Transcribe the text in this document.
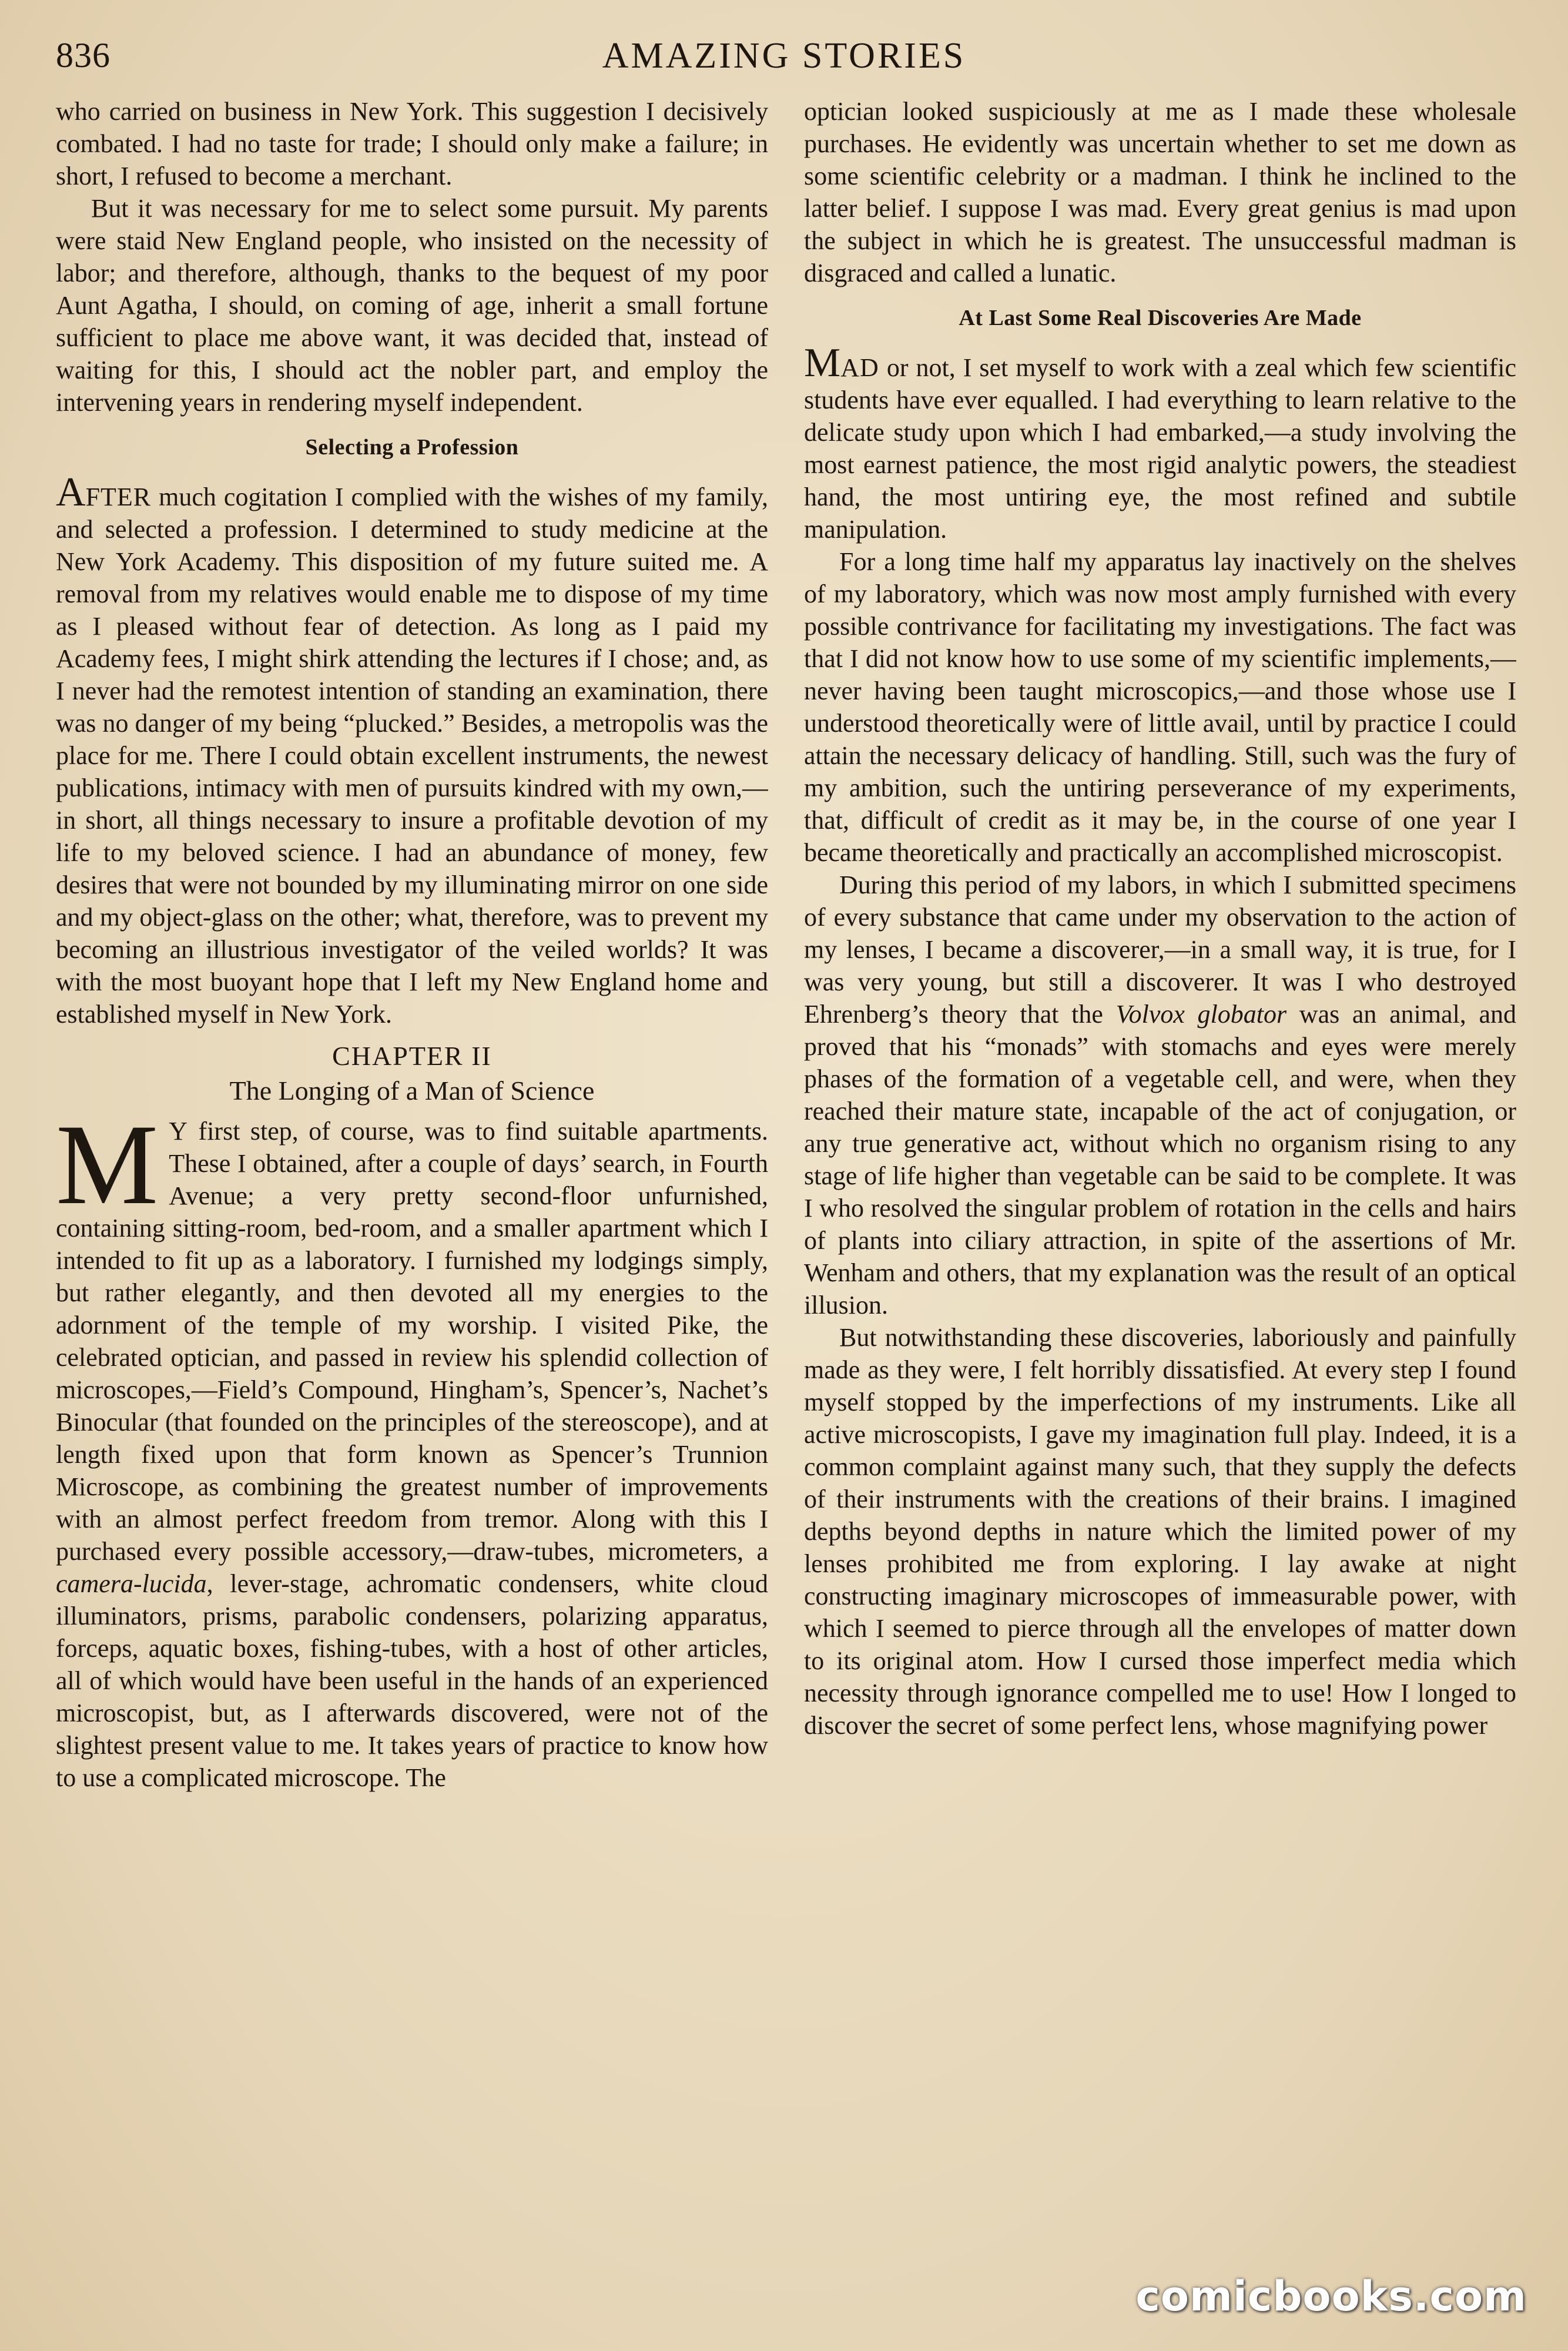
836	AMAZING STORIES

who carried on business in New York. This suggestion I decisively combated. I had no taste for trade; I should only make a failure; in short, I refused to become a merchant.

But it was necessary for me to select some pursuit. My parents were staid New England people, who insisted on the necessity of labor; and therefore, although, thanks to the bequest of my poor Aunt Agatha, I should, on coming of age, inherit a small fortune sufficient to place me above want, it was decided that, instead of waiting for this, I should act the nobler part, and employ the intervening years in rendering myself independent.

Selecting a Profession

AFTER much cogitation I complied with the wishes of my family, and selected a profession. I determined to study medicine at the New York Academy. This disposition of my future suited me. A removal from my relatives would enable me to dispose of my time as I pleased without fear of detection. As long as I paid my Academy fees, I might shirk attending the lectures if I chose; and, as I never had the remotest intention of standing an examination, there was no danger of my being “plucked.” Besides, a metropolis was the place for me. There I could obtain excellent instruments, the newest publications, intimacy with men of pursuits kindred with my own,—in short, all things necessary to insure a profitable devotion of my life to my beloved science. I had an abundance of money, few desires that were not bounded by my illuminating mirror on one side and my object-glass on the other; what, therefore, was to prevent my becoming an illustrious investigator of the veiled worlds? It was with the most buoyant hope that I left my New England home and established myself in New York.

CHAPTER II
The Longing of a Man of Science

M Y first step, of course, was to find suitable apartments. These I obtained, after a couple of days’ search, in Fourth Avenue; a very pretty second-floor unfurnished, containing sitting-room, bed-room, and a smaller apartment which I intended to fit up as a laboratory. I furnished my lodgings simply, but rather elegantly, and then devoted all my energies to the adornment of the temple of my worship. I visited Pike, the celebrated optician, and passed in review his splendid collection of microscopes,—Field’s Compound, Hingham’s, Spencer’s, Nachet’s Binocular (that founded on the principles of the stereoscope), and at length fixed upon that form known as Spencer’s Trunnion Microscope, as combining the greatest number of improvements with an almost perfect freedom from tremor. Along with this I purchased every possible accessory,—draw-tubes, micrometers, a camera-lucida, lever-stage, achromatic condensers, white cloud illuminators, prisms, parabolic condensers, polarizing apparatus, forceps, aquatic boxes, fishing-tubes, with a host of other articles, all of which would have been useful in the hands of an experienced microscopist, but, as I afterwards discovered, were not of the slightest present value to me. It takes years of practice to know how to use a complicated microscope. The

optician looked suspiciously at me as I made these wholesale purchases. He evidently was uncertain whether to set me down as some scientific celebrity or a madman. I think he inclined to the latter belief. I suppose I was mad. Every great genius is mad upon the subject in which he is greatest. The unsuccessful madman is disgraced and called a lunatic.

At Last Some Real Discoveries Are Made

MAD or not, I set myself to work with a zeal which few scientific students have ever equalled. I had everything to learn relative to the delicate study upon which I had embarked,—a study involving the most earnest patience, the most rigid analytic powers, the steadiest hand, the most untiring eye, the most refined and subtile manipulation.

For a long time half my apparatus lay inactively on the shelves of my laboratory, which was now most amply furnished with every possible contrivance for facilitating my investigations. The fact was that I did not know how to use some of my scientific implements,—never having been taught microscopics,—and those whose use I understood theoretically were of little avail, until by practice I could attain the necessary delicacy of handling. Still, such was the fury of my ambition, such the untiring perseverance of my experiments, that, difficult of credit as it may be, in the course of one year I became theoretically and practically an accomplished microscopist.

During this period of my labors, in which I submitted specimens of every substance that came under my observation to the action of my lenses, I became a discoverer,—in a small way, it is true, for I was very young, but still a discoverer. It was I who destroyed Ehrenberg’s theory that the Volvox globator was an animal, and proved that his “monads” with stomachs and eyes were merely phases of the formation of a vegetable cell, and were, when they reached their mature state, incapable of the act of conjugation, or any true generative act, without which no organism rising to any stage of life higher than vegetable can be said to be complete. It was I who resolved the singular problem of rotation in the cells and hairs of plants into ciliary attraction, in spite of the assertions of Mr. Wenham and others, that my explanation was the result of an optical illusion.

But notwithstanding these discoveries, laboriously and painfully made as they were, I felt horribly dissatisfied. At every step I found myself stopped by the imperfections of my instruments. Like all active microscopists, I gave my imagination full play. Indeed, it is a common complaint against many such, that they supply the defects of their instruments with the creations of their brains. I imagined depths beyond depths in nature which the limited power of my lenses prohibited me from exploring. I lay awake at night constructing imaginary microscopes of immeasurable power, with which I seemed to pierce through all the envelopes of matter down to its original atom. How I cursed those imperfect media which necessity through ignorance compelled me to use! How I longed to discover the secret of some perfect lens, whose magnifying power

comicbooks.com
